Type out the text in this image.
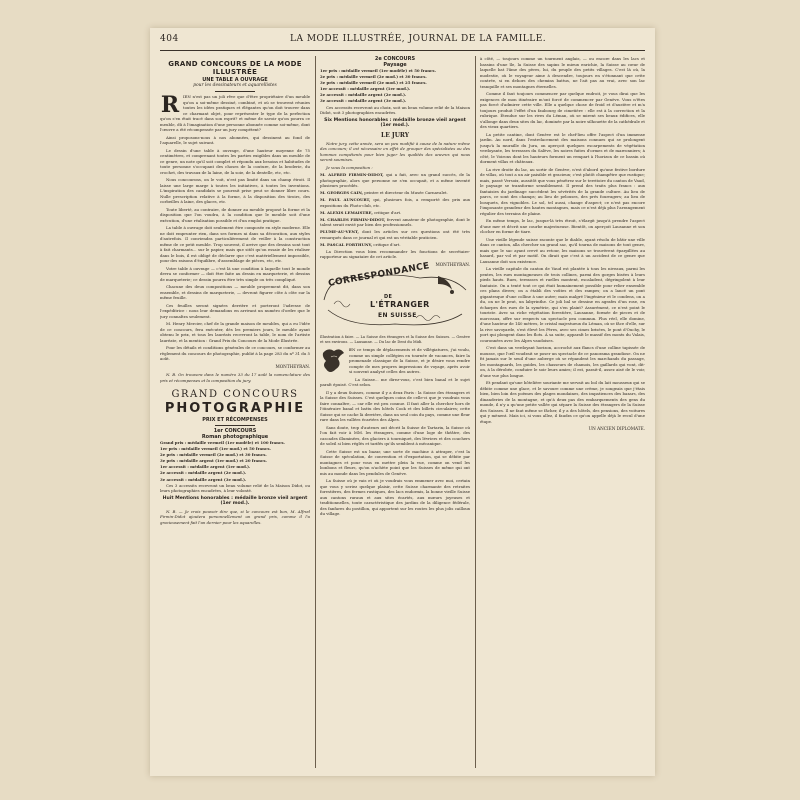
404	LA MODE ILLUSTRÉE, JOURNAL DE LA FAMILLE.
GRAND CONCOURS DE LA MODE ILLUSTRÉE
UNE TABLE A OUVRAGE
pour les dessinateurs et aquarellistes
R IEN n'est pas un joli rêve que d'être propriétaire d'un meuble qu'on a soi-même dessiné, combiné, et où se trouvent réunies toutes les idées pratiques et élégantes qu'on doit trouver dans ce charmant objet, pour représenter le type de la perfection qu'on s'en était tracé dans son esprit? et même de savoir qu'on pourra ce meuble, dû à l'imagination d'une personne abonnée comme soi-même, dont l'œuvre a été récompensée par un jury compétent?

Ainsi proposons-nous à nos abonnées, qui dessinent au fond de l'aquarelle, le sujet suivant.

Le dessin d'une table à ouvrage, d'une hauteur moyenne de 75 centimètres, et comprenant toutes les parties exigibles dans un meuble de ce genre, un note qu'il soit complet et répondu aux besoins et habitudes de toute personne s'occupant des choses de la couture, de la broderie, du crochet, des travaux de la laine, de la soie, de la dentelle, etc, etc.

Nous concourons, on le voit, n'est pas limité dans un champ étroit. Il laisse une large marge à toutes les initiatives, à toutes les inventions. L'inspiration des candidats se pourrait prise peut se donner libre cours. Nulle prescription relative à la forme, à la disposition des tiroirs, des corbeilles à laine, des glaces, etc.

Toute liberté, au contraire, de donner au meuble proposé la forme et la disposition que l'on voudra, à la condition que le meuble soit d'une exécution, d'une réalisation possible et d'un emploi pratique.

La table à ouvrage doit seulement être composée en style moderne. Elle ne doit emprunter rien, dans ses formes ni dans sa décoration, aux styles d'autrefois. Il conviendra particulièrement de veiller à la construction même de ce petit meuble. Trop souvent, il arrive que des dessins sont tout à fait charmants... sur le papier, mais que sitôt qu'on essaie de les réaliser dans le bois, il est obligé de déclarer que c'est matériellement impossible, pour des raisons d'équilibre, d'assemblage de pièces, etc, etc.

Votre table à ouvrage — c'est là une condition à laquelle tout le monde devra se conformer — doit être faite au dessin en marqueterie, et dessins de marqueterie; ce dessin pourra être très simple ou très compliqué.

Chacune des deux compositions — meuble proprement dit, dans son ensemble, et dessins de marqueterie, — devront figurer côte à côte sur la même feuille.

Ces feuilles seront signées derrière et porteront l'adresse de l'expéditrice : nous leur demandons en arrivant un numéro d'ordre que le jury connaîtra seulement.

M. Henry Mercier, chef de la grande maison de meubles, qui a eu l'idée de ce concours, fera exécuter, dès les premiers jours, le meuble ayant obtenu le prix, et tous les lauréats recevront la table, le nom de l'artiste lauréate, et la mention : Grand Prix du Concours de la Mode Illustrée.

Pour les détails et conditions générales de ce concours, se conformer au règlement du concours de photographie, publié à la page 283 du nº 31 du 5 août.

MONTHEYRAN.

N. B. On trouvera dans le numéro 33 du 17 août la nomenclature des prix et récompenses et la composition du jury.

GRAND CONCOURS
PHOTOGRAPHIE
PRIX ET RÉCOMPENSES
1er CONCOURS
Roman photographique

Grand prix : médaille vermeil (1er modèle) et 100 francs.

1er prix : médaille vermeil (1er mod.) et 50 francs.

2e prix : médaille vermeil (2e mod.) et 30 francs.

3e prix : médaille argent (1er mod.) et 20 francs.

1er accessit : médaille argent (1er mod.).

2e accessit : médaille argent (2e mod.).

3e accessit : médaille argent (3e mod.).

Ces 3 accessits recevront un beau volume relié de la Maison Didot, ou leurs photographies encadrées, à leur volonté.

Huit Mentions honorables : médaille bronze vieil argent (1er mod.).

N. B. — Je crois pouvoir dire que, si le concours est bon, M. Alfred Firmin-Didot ajoutera personnellement un grand prix, comme il l'a gracieusement fait l'an dernier pour les aquarelles.

2e CONCOURS
Paysage

1er prix : médaille vermeil (1er modèle) et 50 francs.

2e prix : médaille vermeil (2e mod.) et 30 francs.

3e prix : médaille vermeil (2e mod.) et 25 francs.

1er accessit : médaille argent (1er mod.).

2e accessit : médaille argent (2e mod.).

3e accessit : médaille argent (3e mod.).

Ces accessits recevront au choix, soit un beau volume relié de la Maison Didot, soit 3 photographies encadrées.

Six Mentions honorables : médaille bronze vieil argent (1er mod.).

LE JURY

Notre jury, cette année, sera un peu modifié à cause de la nature même des concours; il est nécessaire en effet de grouper des spécialistes ou des hommes compétents pour bien juger les qualités des œuvres qui nous seront soumises.

Je vous la composition :

M. ALFRED FIRMIN-DIDOT, qui a fait, avec un grand succès, de la photographie, alors que personne ne s'en occupait, et a même inventé plusieurs procédés.

M. GEORGES CAIN, peintre et directeur du Musée Carnavalet.

M. PAUL AUNCOURT, qui, plusieurs fois, a remporté des prix aux expositions du Photo-club, etc.

M. ALEXIS LEMAISTRE, critique d'art.

M. CHARLES FIRMIN-DIDOT, fervent amateur de photographie, dont le talent serait envié par bien des professionnels.

PLUME-AU-VENT, dont les articles sur ces questions ont été très remarqués dans ce journal et qui est un véritable praticien.

M. PASCAL FORTHUNY, critique d'art.

La Direction vous bien recommander les fonctions de secrétaire-rapporteur au signataire de cet article.

MONTHEYRAN.

CORRESPONDANCE
DE
L'ÉTRANGER
EN SUISSE

Illustration à faire. — La Suisse des étrangers et la Suisse des Suisses. — Genève et ses environs. — Lausanne. — Du lac de Dent du Midi.

EN ce temps de déplacements et de villégiatures, j'ai voulu, comme un simple collégien en tournée de vacances, faire la promenade classique de la Suisse, et je désire vous rendre compte de mes propres impressions de voyage, après avoir si souvent analysé celles des autres.

La Suisse... me direz-vous, c'est bien banal et le sujet paraît épuisé. C'est selon.

Il y a deux Suisses, comme il y a deux Paris : la Suisse des étrangers et la Suisse des Suisses. C'est quelques coins de celle-ci que je voudrais vous faire connaître, — car elle est peu connue. Il faut aller la chercher hors de l'itinéraire banal et battu des hôtels Cook et des billets circulaires; cette Suisse qui se cache là derrière, dans un seul coin du pays, comme une fleur rare dans les vallées écartées des Alpes.

Sans doute, trop d'auteurs ont décrit la Suisse de Tartarin, la Suisse où l'on fait voir à MM. les étrangers, comme d'une loge de théâtre, des cascades illuminées, des glaciers à tourniquet, des lévriers et des couchers de soleil si bien réglés et tarifés qu'ils semblent à mécanique.

Cette Suisse est un bazar, une sorte de machine à attraper, c'est la Suisse de spéculation, de convention et d'exportation, qui se débite par montagnes et pour vous en mettre plein la vue, comme on vend les bonbons et fleurs, qu'on n'achète point que les Suisses de même qui ont mis au monde dans les pendules de Genève.

La Suisse où je vais et où je voudrais vous emmener avec moi, certain que vous y seriez quelque plaisir, cette Suisse charmante des retraites forestières, des fermes rustiques, des lacs endormis, la bonne vieille Suisse aux cantons ruraux et aux sites écartés, aux mœurs joyeuses et traditionnelles, toute caractéristique des jardins de la diligence fédérale, des fanfares du postillon, qui apportent sur les routes les plus jolis cailloux du village.

à côté, — toujours comme un tourment anglais, — ou encore dans les lacs et bassins d'une île, la Suisse des sapins le mieux enrichie, la Suisse au cœur de laquelle bat l'âme des pères, lui, du peuple des petits villages. C'est là où, la modestie, où le voyageur aime à descendre, toujours en s'étonnant que cette contrée, si en dehors des chemins battus, ne l'ait pas au vrai, avec son lac tranquille et ses montagnes éternelles.

Comme il faut toujours commencer par quelque endroit, je vous dirai que les exigences de mon itinéraire m'ont forcé de commencer par Genève. Vous n'êtes pas forcé d'admirer cette ville. Elle a quelque chose de froid et d'austère et m'a toujours produit l'effet d'un faubourg de cimetière : elle est à la correction et la rubrique. Étendue sur les rives du Léman, où se mirent ses beaux édifices, elle s'allonge dans deux sites du lac, dominée par la noire silhouette de la cathédrale et des vieux quartiers.

La petite cantine, dont Genève est le chef-lieu offre l'aspect d'un immense jardin. Au nord, dans l'entrelacement des maisons connues qui se prolongent jusqu'à la muraille du Jura, on aperçoit quelques escarpements de végétation verdoyante, les terrasses du Salève, les noires fuites d'ormes et de marronniers; à côté, le Voirons dont les hauteurs forment un rempart à l'horizon de ce bassin où dorment villas et châteaux.

La rive droite du lac, au sortir de Genève, n'est d'abord qu'une festive bordure de villas, où tout a un air paisible et gracieux; c'est plutôt champêtre que rustique; mais, passé Versoix, aussitôt que vous pénétrez sur le territoire du canton de Vaud, le paysage se transforme sensiblement. Il prend des traits plus francs : aux fantaisies du jardinage succèdent les sévérités de la grande culture. Au lieu de parcs, ce sont des champs; au lieu de pelouses, des prés fourragers; au lieu de bosquets, des vignobles. Le sol, tel aussi, change d'aspect; ce n'est pas encore l'imposante grandeur des hautes montagnes, mais ce n'est déjà plus l'arrangement régulier des terrains de plaine.

En même temps, le lac, jusque-là très étroit, s'élargit jusqu'à prendre l'aspect d'une mer et décrit une courbe majestueuse. Bientôt, on aperçoit Lausanne et son clocher en forme de tiare.

Une vieille légende suisse raconte que le diable, ayant résolu de bâtir une ville dans ce canton, alla chercher un grand sac, qu'il tourna de maisons de tout genre, mais que le sac ayant crevé au retour, les maisons se trouvèrent éparpillées au hasard, par vol et par motif. On dirait que c'est à un accident de ce genre que Lausanne doit son existence.

La vieille capitale du canton de Vaud est plantée à tous les niveaux, parmi les pentes, les rues montagneuses de trois collines, parmi des gorges bisées à leurs pieds hauts. Rues, terrasses et ruelles montent, escaladent, dégringolent à leur fantaisie. On a tenté tout ce qui était humainement possible pour relier ensemble ces plans divers; on a établi des voûtes et des rampes; on a lancé un pont gigantesque d'une colline à une autre; mais malgré l'ingénieur et le condens, on a du, on ne le peut, un labyrinthe. Ce joli bal se dessine en agrafes d'un rose, en écharpes des rues de la symétrie, qui s'en plaint? Assurément, ce n'est point le touriste. Avec sa riche végétation forestière, Lausanne, formée de pieces et de morceaux, offre sur respects un spectacle peu commun. Plus réel, elle domine, d'une hauteur de 140 mètres, le cristal majestueux du Léman, où se fâce d'elle, sur la rive savoyarde, s'est élevé les Pères, avec ses cimes brisées, le pont d'Ouchy, le port qui plongent dans les flots. À sa suite, apparaît le massif des monts du Valais, couronnées avec les Alpes vaudoises.

C'est dans un verdoyant horizon, accroché aux flancs d'une colline tapissée de mousse, que l'œil voudrait se poser un spectacle de ce panorama grandiose. On ne fit jamais sur le seuil d'une auberge où se répandent les marchands du passage, les montagnards, les guides, les chasseurs de chamois, les gaillards qui vont, dit-on, à la dérobée, conduire le soir leurs amies; il est, parait-il, assez aisé de le voir, d'une vue plus longue.

Et pendant qu'une hôtelière souriante me servait au bol du lait mousseux qui se débite comme une glace, et le savoure comme une crème, je songeais que j'étais bien, bien loin des poèmes des plages mondaines, des impatiences des bazars, des dinanderies de la montagne, et qu'à deux pas des embarquements des gens du monde, il n'y a qu'une petite vallée qui sépare la Suisse des étrangers de la Suisse des Suisses. Il ne faut même se fâcher, il y a des hôtels, des pensions, des voitures qui y mènent. Mais ici, si vous allez, il faudra ce qu'on appelle déjà le recul d'une étape.

UN ANCIEN DIPLOMATE.
